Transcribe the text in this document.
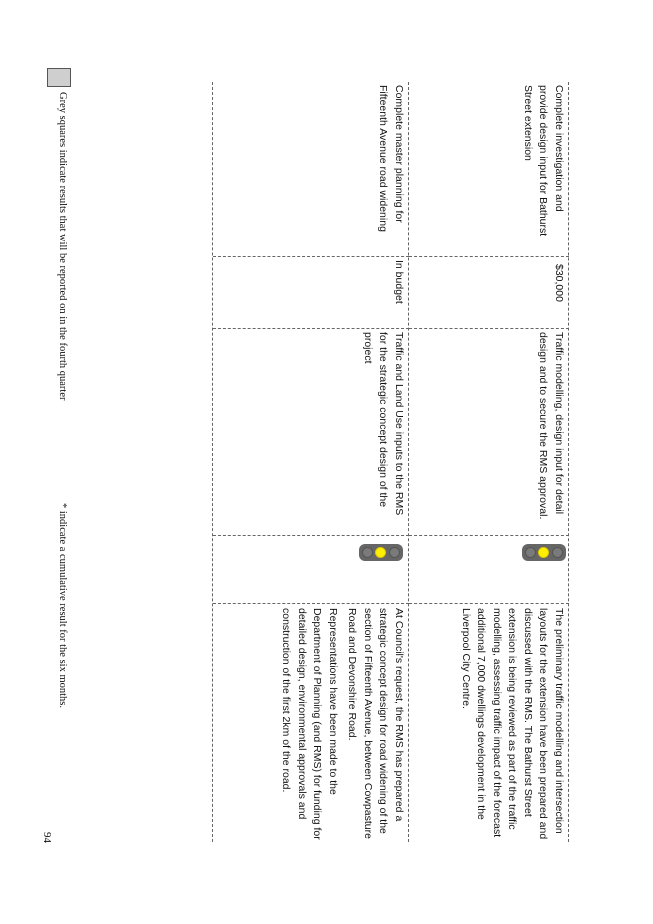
Complete investigation and provide design input for Bathurst Street extension
$30,000
Traffic modelling, design input for detail design and to secure the RMS approval.
The preliminary traffic modelling and intersection layouts for the extension have been prepared and discussed with the RMS. The Bathurst Street extension is being reviewed as part of the traffic modelling, assessing traffic impact of the forecast additional 7,000 dwellings development in the Liverpool City Centre.
Complete master planning for Fifteenth Avenue road widening
In budget
Traffic and Land Use inputs to the RMS for the strategic concept design of the project
At Council's request, the RMS has prepared a strategic concept design for road widening of the section of Fifteenth Avenue, between Cowpasture Road and Devonshire Road.
Representations have been made to the Department of Planning (and RMS) for funding for detailed design, environmental approvals and construction of the first 2km of the road.
Grey squares indicate results that will be reported on in the fourth quarter
* indicate a cumulative result for the six months.
94
